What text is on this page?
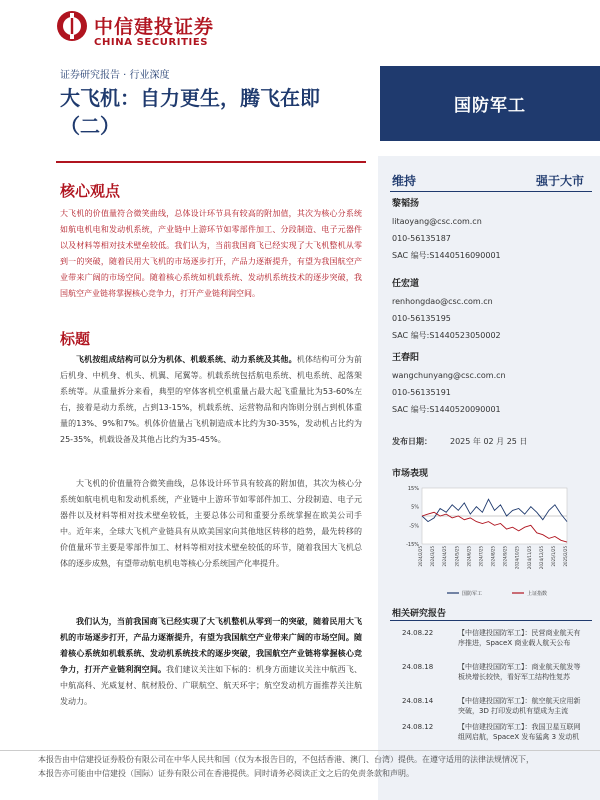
中信建投证券
CHINA SECURITIES
证券研究报告 · 行业深度
大飞机：自力更生，腾飞在即（二）
国防军工
核心观点
大飞机的价值量符合微笑曲线，总体设计环节具有较高的附加值，其次为核心分系统如航电机电和发动机系统，产业链中上游环节如零部件加工、分段制造、电子元器件以及材料等相对技术壁垒较低。我们认为，当前我国商飞已经实现了大飞机整机从零到一的突破，随着民用大飞机的市场逐步打开，产品力逐渐提升，有望为我国航空产业带来广阔的市场空间。随着核心系统如机载系统、发动机系统技术的逐步突破，我国航空产业链将掌握核心竞争力，打开产业链利润空间。
标题
飞机按组成结构可以分为机体、机载系统、动力系统及其他。机体结构可分为前后机身、中机身、机头、机翼、尾翼等。机载系统包括航电系统、机电系统、起落架系统等。从重量拆分来看，典型的窄体客机空机重量占最大起飞重量比为53-60%左右，接着是动力系统，占到13-15%，机载系统、运营物品和内饰则分别占到机体重量的13%、9%和7%。机体价值量占飞机制造成本比约为30-35%，发动机占比约为25-35%，机载设备及其他占比约为35-45%。
大飞机的价值量符合微笑曲线，总体设计环节具有较高的附加值，其次为核心分系统如航电机电和发动机系统，产业链中上游环节如零部件加工、分段制造、电子元器件以及材料等相对技术壁垒较低，主要总体公司和重要分系统掌握在欧美公司手中。近年来，全球大飞机产业链具有从欧美国家向其他地区转移的趋势，最先转移的价值量环节主要是零部件加工、材料等相对技术壁垒较低的环节，随着我国大飞机总体的逐步成熟，有望带动航电机电等核心分系统国产化率提升。
我们认为，当前我国商飞已经实现了大飞机整机从零到一的突破，随着民用大飞机的市场逐步打开，产品力逐渐提升，有望为我国航空产业带来广阔的市场空间。随着核心系统如机载系统、发动机系统技术的逐步突破，我国航空产业链将掌握核心竞争力，打开产业链利润空间。我们建议关注如下标的：机身方面建议关注中航西飞、中航高科、光威复材、航材股份、广联航空、航天环宇；航空发动机方面推荐关注航发动力。
维持	强于大市
黎韬扬
litaoyang@csc.com.cn
010-56135187
SAC 编号:S1440516090001
任宏道
renhongdao@csc.com.cn
010-56135195
SAC 编号:S1440523050002
王春阳
wangchunyang@csc.com.cn
010-56135191
SAC 编号:S1440520090001
发布日期： 2025 年 02 月 25 日
市场表现
15%
5%
-5%
-15%
2024/2/25 2024/3/25 2024/4/25 2024/5/25 2024/6/25 2024/7/25 2024/8/25 2024/9/25 2024/10/25 2024/11/25 2024/12/25 2025/1/25 2025/2/25
国防军工	上证指数
相关研究报告
24.08.22	【中信建投国防军工】：民营商业航天有序推进，SpaceX 商业载人航天公布
24.08.18	【中信建投国防军工】：商业航天航发等板块增长较快，看好军工结构性复苏
24.08.14	【中信建投国防军工】：航空航天应用新突破，3D 打印发动机有望成为主流
24.08.12	【中信建投国防军工】：我国卫星互联网组网启航，SpaceX 发布猛禽 3 发动机
本报告由中信建投证券股份有限公司在中华人民共和国（仅为本报告目的，不包括香港、澳门、台湾）提供。在遵守适用的法律法规情况下，
本报告亦可能由中信建投（国际）证券有限公司在香港提供。同时请务必阅读正文之后的免责条款和声明。
